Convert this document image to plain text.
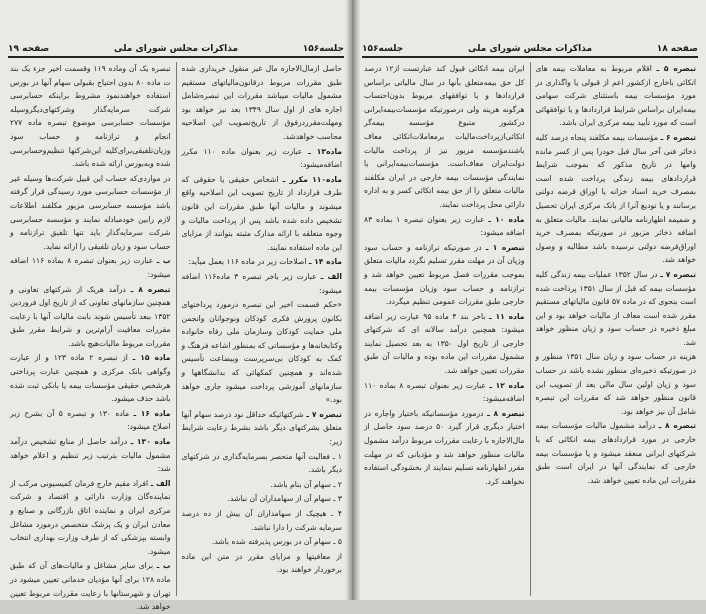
جلسه۱۵۶
مذاکرات مجلس شورای ملی
صفحه ۱۹

حاصل ازمال‌الاجاره مال غیر منقول خریداری شده طبق مقررات مربوط درقانون‌مالیاتهای مستقیم مشمول مالیات میباشد مقررات این تبصره‌شامل اجاره های از اول سال ۱۳۴۹ بعد نیز خواهد بود ومهلت‌مقرردرفوق از تاریخ‌تصویب این اصلاحیه محاسب خواهدشد.

ماده۱۳ ـ عبارت زیر بعنوان ماده ۱۱۰ مکرر اضافه‌میشود:

ماده۱۱۰ مکرر ـ اشخاص حقیقی یا حقوقی که طرف قرارداد از تاریخ تصویب این اصلاحیه واقع میشوند و مالیات آنها طبق مقررات این قانون تشخیص داده شده باشد پس از پرداخت مالیات و وجوه متعلقه با ارائه مدارک مثبته بتوانند از مزایای این ماده استفاده نمایند.

ماده ۱۴ ـ اصلاحات زیر در ماده ۱۱۶ بعمل میآید:

الف ـ عبارت زیر باخر تبصره ۳ ماده۱۱۶ اضافه میشود:

«حکم قسمت اخیر این تبصره درمورد پرداختهای بکانون پرورش فکری کودکان ونوجوانان وانجمن ملی حمایت کودکان وسازمان ملی رفاه خانواده وکتابخانه‌ها و مؤسساتی که بمنظور اشاعه فرهنگ و کمک به کودکان بی‌سرپرست وبیضاعت تأسیس شده‌اند و همچنین کمکهائی که بدانشگاهها و سازمانهای آموزشی پرداخت میشود جاری خواهد بود.»

تبصره ۷ ـ شرکتهائیکه حداقل نود درصد سهام آنها متعلق بشرکتهای دیگر باشد بشرط رعایت شرایط زیر:

۱ ـ فعالیت آنها منحصر بسرمایه‌گذاری در شرکتهای دیگر باشد.

۲ ـ سهام آن بنام باشد.

۳ ـ سهام آن از سهامداران آن نباشد.

۴ ـ هیچیک از سهامداران آن بیش از ده درصد سرمایه شرکت را دارا نباشد.

۵ ـ سهام آن در بورس پذیرفته شده باشد.

از معافیتها و مزایای مقرر در متن این ماده برخوردار خواهند بود.

تبصره یک آن وماده ۱۱۹ وقسمت اخیر جزء یک بند ت ماده ۸۰ بدون احتیاج بقبولی سهام آنها در بورس استفاده خواهندنمود مشروط براینکه حسابرسی شرکت سرمایه‌گذار وشرکتهای‌دیگروسیله مؤسسات حسابرسی موضوع تبصره ماده ۲۷۷ انجام و ترازنامه و حساب سود وزیان‌تلفیقی‌برای‌کلیه این‌شرکتها تنظیم‌وحسابرسی شده وبه‌بورس ارائه شده باشد.

در مواردی‌که حساب این قبیل شرکت‌ها وسیله غیر از مؤسسات حسابرسی مورد رسیدگی قرار گرفته باشد مؤسسه حسابرسی مزبور مکلفند اطلاعات لازم رابین خودمبادله نمایند و مؤسسه حسابرسی شرکت سرمایه‌گذار باید تنها تلفیق ترازنامه و حساب سود و زیان تلفیقی را ارائه نماید.

ب ـ عبارت زیر بعنوان تبصره ۸ بماده ۱۱۶ اضافه میشود:

تبصره ۸ ـ درآمد هریک از شرکتهای تعاونی و همچنین سازمانهای تعاونی که از تاریخ اول فروردین ۱۳۵۲ ببعد تأسیس شوند بابت مالیات آنها با رعایت مقررات معافیت آرام‌ترین و شرایط مقرر طبق مقررات مربوط مالیات‌هیچ باشد.

ماده ۱۵ ـ از تبصره ۲ ماده ۱۲۳ و از عبارت وگواهی بانک مرکزی و همچنین عبارت پرداختی هرشخص حقیقی مؤسسات بیمه یا بانکی ثبت شده باشد حذف میشود.

ماده ۱۶ ـ ماده ۱۳۰ و تبصره ۵ آن بشرح زیر اصلاح میشود:

ماده ۱۳۰ ـ درآمد حاصل از منابع تشخیص درآمد مشمول مالیات بترتیب زیر تنظیم و اعلام خواهد شد:

الف ـ افراد مقیم خارج فرمان کمیسیونی مرکب از نماینده‌گان وزارت دارائی و اقتصاد و شرکت مرکزی ایران و نماینده اتاق بازرگانی و صنایع و معادن ایران و یک پزشک متخصص درمورد مشاغل وابسته بپزشکی که از طرف وزارت بهداری انتخاب میشود.

ب ـ برای سایر مشاغل و مالیات‌های آن که طبق ماده ۱۲۸ برای آنها مؤدیان خدماتی تعیین میشود در تهران و شهرستانها با رعایت مقررات مربوط تعیین خواهد شد.

صفحه ۱۸
مذاکرات مجلس شورای ملی
جلسه۱۵۶

تبصره ۵ ـ اقلام مربوط به معاملات بیمه های اتکائی باخارج ازکشور اعم از قبولی یا واگذاری در مورد مؤسسات بیمه باستثنای شرکت سهامی بیمه‌ایران براساس شرایط قراردادها و یا توافقهائی است که مورد تأیید بیمه مرکزی ایران باشد.

تبصره ۶ ـ مؤسسات بیمه مکلفند پنجاه درصد کلیه ذخائر فنی آخر سال قبل خودرا پس از کسر مانده وامها در تاریخ مذکور که بموجب شرایط قراردادهای بیمه زندگی پرداخت شده است بمصرف خرید اسناد خزانه یا اوراق قرضه دولتی برسانند و یا تودیع آنرا از بانک مرکزی ایران تحصیل و ضمیمه اظهارنامه مالیاتی نمایند. مالیات متعلق به اضافه ذخائر مزبور در صورتیکه بمصرف خرید اوراق‌قرضه دولتی نرسیده باشد مطالبه و وصول خواهد شد.

تبصره ۷ ـ در سال ۱۳۵۲ عملیات بیمه زندگی کلیه مؤسسات بیمه که قبل از سال ۱۳۵۱ پرداخت شده است بنحوی که در ماده ۵۷ قانون مالیاتهای مستقیم مقرر شده است معاف از مالیات خواهد بود و این مبلغ ذخیره در حساب سود و زیان منظور خواهد شد.

هزینه در حساب سود و زیان سال ۱۳۵۱ منظور و در صورتیکه ذخیره‌ای منظور نشده باشد در حساب سود و زیان اولین سال مالی بعد از تصویب این قانون منظور خواهد شد که مقررات این تبصره شامل آن نیز خواهد بود.

تبصره ۸ ـ درآمد مشمول مالیات مؤسسات بیمه خارجی در مورد قراردادهای بیمه اتکائی که با شرکتهای ایرانی منعقد میشود و یا مؤسسات بیمه خارجی که نمایندگی آنها در ایران است طبق مقررات این ماده تعیین خواهد شد.

ایران بیمه اتکائی قبول کند عبارتست از۱۲ درصد کل حق بیمه‌متعلق بآنها در سال مالیاتی براساس قراردادها و یا توافقهای مربوط بدون‌احتساب هرگونه هزینه ولی درصورتیکه مؤسسات‌بیمه‌ایرانی درکشور متبوع مؤسسه بیمه‌گر اتکائی‌ازپرداخت‌مالیات برمعاملات‌اتکائی معاف باشندمؤسسه مزبور نیز از پرداخت مالیات دولت‌ایران معاف‌است. مؤسسات‌بیمه‌ایرانی یا نمایندگی مؤسسات بیمه خارجی در ایران مکلفند مالیات متعلق را از حق بیمه اتکائی کسر و به اداره دارائی محل پرداخت نمایند.

ماده ۱۰ ـ عبارت زیر بعنوان تبصره ۱ بماده ۸۳ اضافه میشود:

تبصره ۱ ـ در صورتیکه ترازنامه و حساب سود وزیان آن در مهلت مقرر تسلیم نگردد مالیات متعلق بموجب مقررات فصل مربوط تعیین خواهد شد و ترازنامه و حساب سود وزیان مؤسسات بیمه خارجی طبق مقررات عمومی تنظیم میگردد.

ماده ۱۱ ـ باخر بند ۴ ماده ۹۵ عبارت زیر اضافه میشود: همچنین درآمد سالانه ای که شرکتهای خارجی از تاریخ اول ۱۳۵۰ به بعد تحصیل نمایند مشمول مقررات این ماده بوده و مالیات آن طبق مقررات تعیین خواهد شد.

ماده ۱۲ ـ عبارت زیر بعنوان تبصره ۸ بماده ۱۱۰ اضافه‌میشود:

تبصره ۸ ـ درمورد مؤسساتیکه باختیار واجاره در اختیار دیگری قرار گیرد ۵۰ درصد سود حاصل از مال‌الاجاره با رعایت مقررات مربوط درآمد مشمول مالیات منظور خواهد شد و مؤدیانی که در مهلت مقرر اظهارنامه تسلیم ننمایند از بخشودگی استفاده نخواهند کرد.
